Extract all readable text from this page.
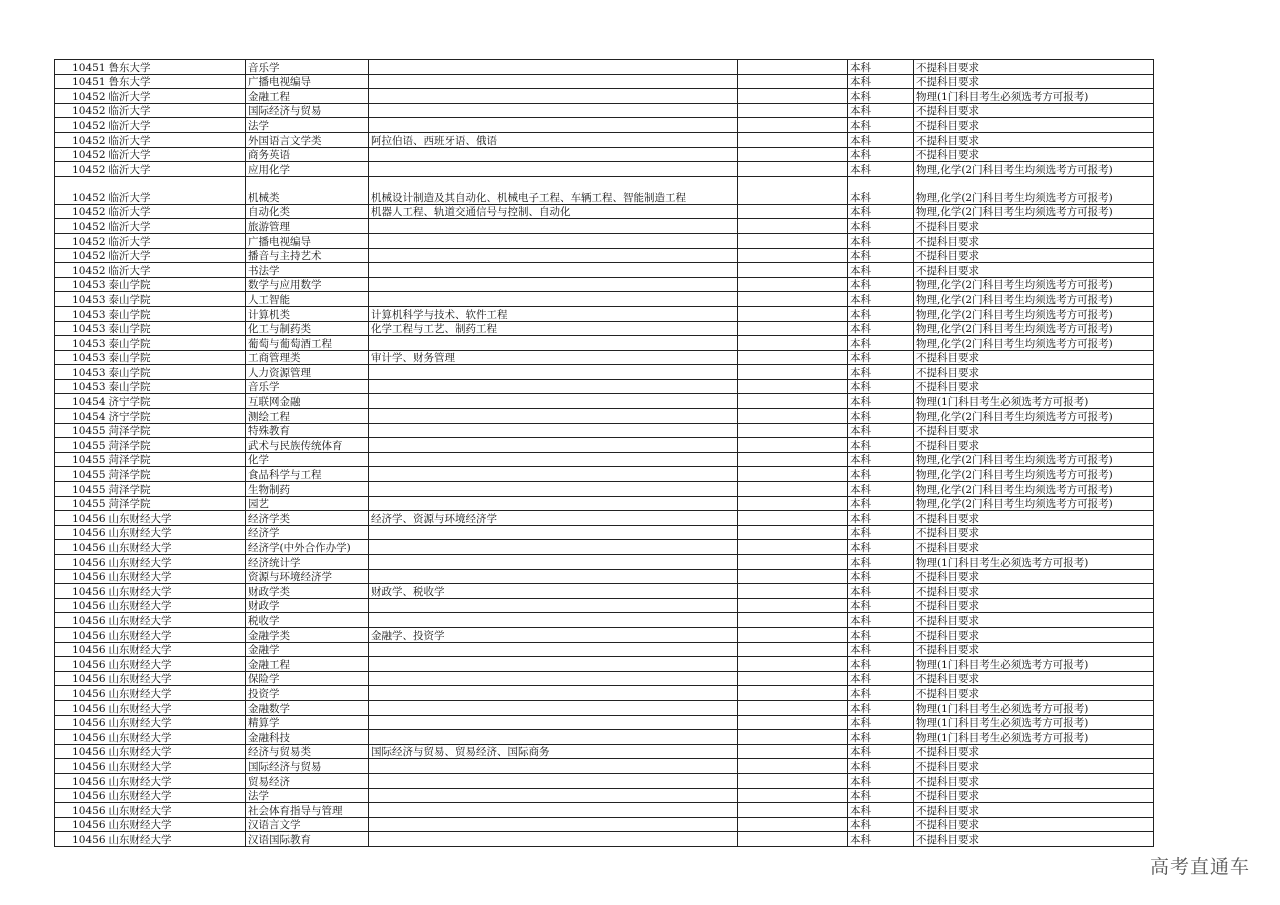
10451	鲁东大学	音乐学			本科	不提科目要求
10451	鲁东大学	广播电视编导			本科	不提科目要求
10452	临沂大学	金融工程			本科	物理(1门科目考生必须选考方可报考)
10452	临沂大学	国际经济与贸易			本科	不提科目要求
10452	临沂大学	法学			本科	不提科目要求
10452	临沂大学	外国语言文学类	阿拉伯语、西班牙语、俄语		本科	不提科目要求
10452	临沂大学	商务英语			本科	不提科目要求
10452	临沂大学	应用化学			本科	物理,化学(2门科目考生均须选考方可报考)
10452	临沂大学	机械类	机械设计制造及其自动化、机械电子工程、车辆工程、智能制造工程		本科	物理,化学(2门科目考生均须选考方可报考)
10452	临沂大学	自动化类	机器人工程、轨道交通信号与控制、自动化		本科	物理,化学(2门科目考生均须选考方可报考)
10452	临沂大学	旅游管理			本科	不提科目要求
10452	临沂大学	广播电视编导			本科	不提科目要求
10452	临沂大学	播音与主持艺术			本科	不提科目要求
10452	临沂大学	书法学			本科	不提科目要求
10453	泰山学院	数学与应用数学			本科	物理,化学(2门科目考生均须选考方可报考)
10453	泰山学院	人工智能			本科	物理,化学(2门科目考生均须选考方可报考)
10453	泰山学院	计算机类	计算机科学与技术、软件工程		本科	物理,化学(2门科目考生均须选考方可报考)
10453	泰山学院	化工与制药类	化学工程与工艺、制药工程		本科	物理,化学(2门科目考生均须选考方可报考)
10453	泰山学院	葡萄与葡萄酒工程			本科	物理,化学(2门科目考生均须选考方可报考)
10453	泰山学院	工商管理类	审计学、财务管理		本科	不提科目要求
10453	泰山学院	人力资源管理			本科	不提科目要求
10453	泰山学院	音乐学			本科	不提科目要求
10454	济宁学院	互联网金融			本科	物理(1门科目考生必须选考方可报考)
10454	济宁学院	测绘工程			本科	物理,化学(2门科目考生均须选考方可报考)
10455	菏泽学院	特殊教育			本科	不提科目要求
10455	菏泽学院	武术与民族传统体育			本科	不提科目要求
10455	菏泽学院	化学			本科	物理,化学(2门科目考生均须选考方可报考)
10455	菏泽学院	食品科学与工程			本科	物理,化学(2门科目考生均须选考方可报考)
10455	菏泽学院	生物制药			本科	物理,化学(2门科目考生均须选考方可报考)
10455	菏泽学院	园艺			本科	物理,化学(2门科目考生均须选考方可报考)
10456	山东财经大学	经济学类	经济学、资源与环境经济学		本科	不提科目要求
10456	山东财经大学	经济学			本科	不提科目要求
10456	山东财经大学	经济学(中外合作办学)			本科	不提科目要求
10456	山东财经大学	经济统计学			本科	物理(1门科目考生必须选考方可报考)
10456	山东财经大学	资源与环境经济学			本科	不提科目要求
10456	山东财经大学	财政学类	财政学、税收学		本科	不提科目要求
10456	山东财经大学	财政学			本科	不提科目要求
10456	山东财经大学	税收学			本科	不提科目要求
10456	山东财经大学	金融学类	金融学、投资学		本科	不提科目要求
10456	山东财经大学	金融学			本科	不提科目要求
10456	山东财经大学	金融工程			本科	物理(1门科目考生必须选考方可报考)
10456	山东财经大学	保险学			本科	不提科目要求
10456	山东财经大学	投资学			本科	不提科目要求
10456	山东财经大学	金融数学			本科	物理(1门科目考生必须选考方可报考)
10456	山东财经大学	精算学			本科	物理(1门科目考生必须选考方可报考)
10456	山东财经大学	金融科技			本科	物理(1门科目考生必须选考方可报考)
10456	山东财经大学	经济与贸易类	国际经济与贸易、贸易经济、国际商务		本科	不提科目要求
10456	山东财经大学	国际经济与贸易			本科	不提科目要求
10456	山东财经大学	贸易经济			本科	不提科目要求
10456	山东财经大学	法学			本科	不提科目要求
10456	山东财经大学	社会体育指导与管理			本科	不提科目要求
10456	山东财经大学	汉语言文学			本科	不提科目要求
10456	山东财经大学	汉语国际教育			本科	不提科目要求
高考直通车
